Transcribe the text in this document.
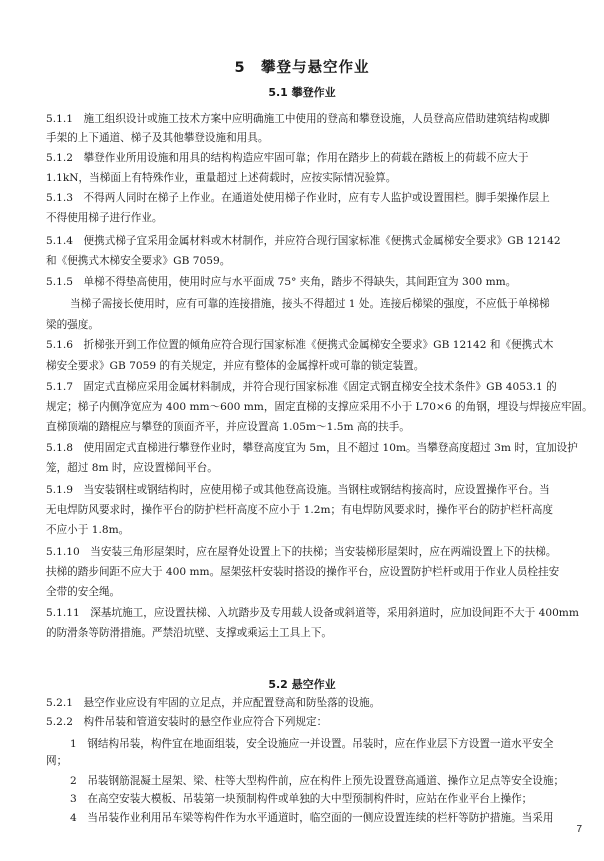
5　攀登与悬空作业
5.1 攀登作业
5.1.1　施工组织设计或施工技术方案中应明确施工中使用的登高和攀登设施，人员登高应借助建筑结构或脚
手架的上下通道、梯子及其他攀登设施和用具。
5.1.2　攀登作业所用设施和用具的结构构造应牢固可靠；作用在踏步上的荷载在踏板上的荷载不应大于
1.1kN，当梯面上有特殊作业，重量超过上述荷载时，应按实际情况验算。
5.1.3　不得两人同时在梯子上作业。在通道处使用梯子作业时，应有专人监护或设置围栏。脚手架操作层上
不得使用梯子进行作业。
5.1.4　便携式梯子宜采用金属材料或木材制作，并应符合现行国家标准《便携式金属梯安全要求》GB 12142
和《便携式木梯安全要求》GB 7059。
5.1.5　单梯不得垫高使用，使用时应与水平面成 75° 夹角，踏步不得缺失，其间距宜为 300 mm。
当梯子需接长使用时，应有可靠的连接措施，接头不得超过 1 处。连接后梯梁的强度，不应低于单梯梯
梁的强度。
5.1.6　折梯张开到工作位置的倾角应符合现行国家标准《便携式金属梯安全要求》GB 12142 和《便携式木
梯安全要求》GB 7059 的有关规定，并应有整体的金属撑杆或可靠的锁定装置。
5.1.7　固定式直梯应采用金属材料制成，并符合现行国家标准《固定式钢直梯安全技术条件》GB 4053.1 的
规定；梯子内侧净宽应为 400 mm～600 mm，固定直梯的支撑应采用不小于 L70×6 的角钢，埋设与焊接应牢固。
直梯顶端的踏棍应与攀登的顶面齐平，并应设置高 1.05m～1.5m 高的扶手。
5.1.8　使用固定式直梯进行攀登作业时，攀登高度宜为 5m，且不超过 10m。当攀登高度超过 3m 时，宜加设护
笼，超过 8m 时，应设置梯间平台。
5.1.9　当安装钢柱或钢结构时，应使用梯子或其他登高设施。当钢柱或钢结构接高时，应设置操作平台。当
无电焊防风要求时，操作平台的防护栏杆高度不应小于 1.2m；有电焊防风要求时，操作平台的防护栏杆高度
不应小于 1.8m。
5.1.10　当安装三角形屋架时，应在屋脊处设置上下的扶梯；当安装梯形屋架时，应在两端设置上下的扶梯。
扶梯的踏步间距不应大于 400 mm。屋架弦杆安装时搭设的操作平台，应设置防护栏杆或用于作业人员栓挂安
全带的安全绳。
5.1.11　深基坑施工，应设置扶梯、入坑踏步及专用载人设备或斜道等，采用斜道时，应加设间距不大于 400mm
的防滑条等防滑措施。严禁沿坑壁、支撑或乘运土工具上下。
5.2 悬空作业
5.2.1　悬空作业应设有牢固的立足点，并应配置登高和防坠落的设施。
5.2.2　构件吊装和管道安装时的悬空作业应符合下列规定：
1　钢结构吊装，构件宜在地面组装，安全设施应一并设置。吊装时，应在作业层下方设置一道水平安全
网；
2　吊装钢筋混凝土屋架、梁、柱等大型构件前，应在构件上预先设置登高通道、操作立足点等安全设施；
3　在高空安装大模板、吊装第一块预制构件或单独的大中型预制构件时，应站在作业平台上操作；
4　当吊装作业利用吊车梁等构件作为水平通道时，临空面的一侧应设置连续的栏杆等防护措施。当采用
7
